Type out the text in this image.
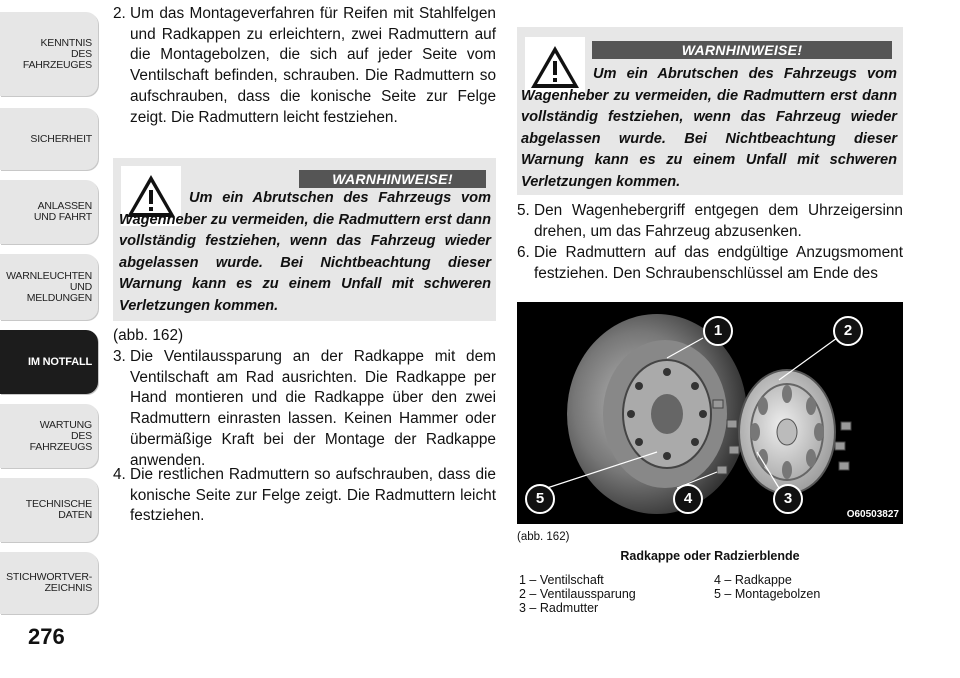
KENNTNIS
DES
FAHRZEUGES
SICHERHEIT
ANLASSEN
UND FAHRT
WARNLEUCHTEN
UND
MELDUNGEN
IM NOTFALL
WARTUNG
DES
FAHRZEUGS
TECHNISCHE
DATEN
STICHWORTVER-
ZEICHNIS
276
2. Um das Montageverfahren für Reifen mit Stahlfelgen und Radkappen zu erleichtern, zwei Radmuttern auf die Montagebolzen, die sich auf jeder Seite vom Ventilschaft befinden, schrauben. Die Radmuttern so aufschrauben, dass die konische Seite zur Felge zeigt. Die Radmuttern leicht festziehen.
WARNHINWEISE!
Um ein Abrutschen des Fahrzeugs vom Wagenheber zu vermeiden, die Radmuttern erst dann vollständig festziehen, wenn das Fahrzeug wieder abgelassen wurde. Bei Nichtbeachtung dieser Warnung kann es zu einem Unfall mit schweren Verletzungen kommen.
(abb. 162)
3. Die Ventilaussparung an der Radkappe mit dem Ventilschaft am Rad ausrichten. Die Radkappe per Hand montieren und die Radkappe über den zwei Radmuttern einrasten lassen. Keinen Hammer oder übermäßige Kraft bei der Montage der Radkappe anwenden.
4. Die restlichen Radmuttern so aufschrauben, dass die konische Seite zur Felge zeigt. Die Radmuttern leicht festziehen.
WARNHINWEISE!
Um ein Abrutschen des Fahrzeugs vom Wagenheber zu vermeiden, die Radmuttern erst dann vollständig festziehen, wenn das Fahrzeug wieder abgelassen wurde. Bei Nichtbeachtung dieser Warnung kann es zu einem Unfall mit schweren Verletzungen kommen.
5. Den Wagenhebergriff entgegen dem Uhrzeigersinn drehen, um das Fahrzeug abzusenken.
6. Die Radmuttern auf das endgültige Anzugsmoment festziehen. Den Schraubenschlüssel am Ende des
1	2
3
4
5
O60503827
(abb. 162)
Radkappe oder Radzierblende
1 – Ventilschaft
2 – Ventilaussparung
3 – Radmutter
4 – Radkappe
5 – Montagebolzen
